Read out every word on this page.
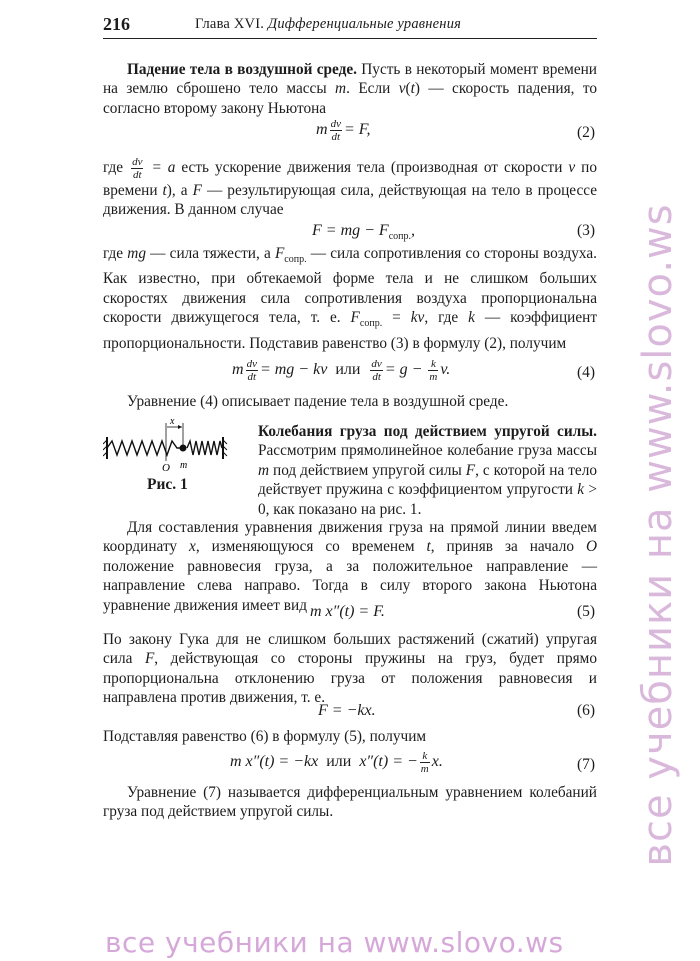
все учебники на www.slovo.ws
все учебники на www.slovo.ws
216	Глава XVI. Дифференциальные уравнения
Падение тела в воздушной среде. Пусть в некоторый момент времени на землю сброшено тело массы m. Если v(t) — скорость падения, то согласно второму закону Ньютона
m $\frac{dv}{dt} = F$,	(2)
где $\frac{dv}{dt} = a$ есть ускорение движения тела (производная от скорости v по времени t), а F — результирующая сила, действующая на тело в процессе движения. В данном случае
F = mg − $F_{сопр.}$,	(3)
где mg — сила тяжести, а $F_{сопр.}$ — сила сопротивления со стороны воздуха. Как известно, при обтекаемой форме тела и не слишком больших скоростях движения сила сопротивления воздуха пропорциональна скорости движущегося тела, т. е. $F_{сопр.}$ = kv, где k — коэффициент пропорциональности. Подставив равенство (3) в формулу (2), получим
m $\frac{dv}{dt}$ = mg − kv  или $\frac{dv}{dt} = g - \frac{k}{m} v$.	(4)
Уравнение (4) описывает падение тела в воздушной среде.
x
O m
Рис. 1
Колебания груза под действием упругой силы. Рассмотрим прямолинейное колебание груза массы m под действием упругой силы F, с которой на тело действует пружина с коэффициентом упругости k > 0, как показано на рис. 1.
Для составления уравнения движения груза на прямой линии введем координату x, изменяющуюся со временем t, приняв за начало O положение равновесия груза, а за положительное направление — направление слева направо. Тогда в силу второго закона Ньютона уравнение движения имеет вид m x″(t) = F.	(5)
По закону Гука для не слишком больших растяжений (сжатий) упругая сила F, действующая со стороны пружины на груз, будет прямо пропорциональна отклонению груза от положения равновесия и направлена против движения, т. е.
F = −kx.	(6)
Подставляя равенство (6) в формулу (5), получим
m x″(t) = −kx  или  x″(t) = − $\frac{k}{m} x$.	(7)
Уравнение (7) называется дифференциальным уравнением колебаний груза под действием упругой силы.
